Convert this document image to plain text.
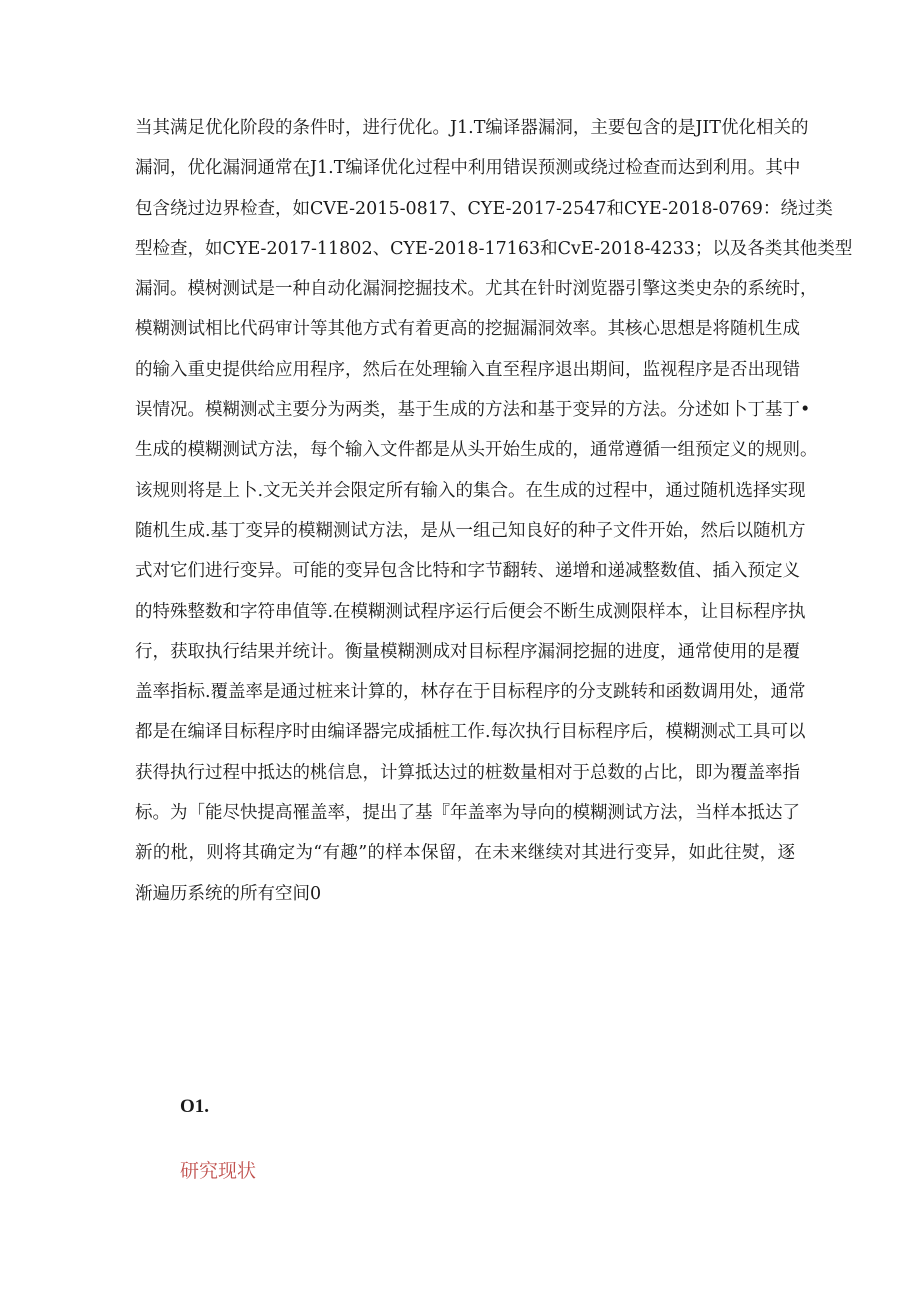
当其满足优化阶段的条件时，进行优化。J1.T编译器漏洞，主要包含的是JIT优化相关的
漏洞，优化漏洞通常在J1.T编译优化过程中利用错误预测或绕过检查而达到利用。其中
包含绕过边界检查，如CVE-2015-0817、CYE-2017-2547和CYE-2018-0769：绕过类
型检查，如CYE-2017-11802、CYE-2018-17163和CvE-2018-4233；以及各类其他类型
漏洞。模树测试是一种自动化漏洞挖掘技术。尤其在针时浏览器引擎这类史杂的系统时，
模糊测试相比代码审计等其他方式有着更高的挖掘漏洞效率。其核心思想是将随机生成
的输入重史提供给应用程序，然后在处理输入直至程序退出期间，监视程序是否出现错
误情况。模糊测忒主要分为两类，基于生成的方法和基于变异的方法。分述如卜丁基丁•
生成的模糊测试方法，每个输入文件都是从头开始生成的，通常遵循一组预定义的规则。
该规则将是上卜.文无关并会限定所有输入的集合。在生成的过程中，通过随机选择实现
随机生成.基丁变异的模糊测试方法，是从一组己知良好的种子文件开始，然后以随机方
式对它们进行变异。可能的变异包含比特和字节翻转、递增和递减整数值、插入预定义
的特殊整数和字符串值等.在模糊测试程序运行后便会不断生成测限样本，让目标程序执
行，获取执行结果并统计。衡量模糊测成对目标程序漏洞挖掘的进度，通常使用的是覆
盖率指标.覆盖率是通过桩来计算的，林存在于目标程序的分支跳转和函数调用处，通常
都是在编译目标程序时由编译器完成插桩工作.每次执行目标程序后，模糊测忒工具可以
获得执行过程中抵达的桃信息，计算抵达过的桩数量相对于总数的占比，即为覆盖率指
标。为「能尽快提高罹盖率，提出了基『年盖率为导向的模糊测试方法，当样本抵达了
新的枇，则将其确定为“有趣”的样本保留，在未来继续对其进行变异，如此往熨，逐
渐遍历系统的所有空间0
O1.
研究现状
